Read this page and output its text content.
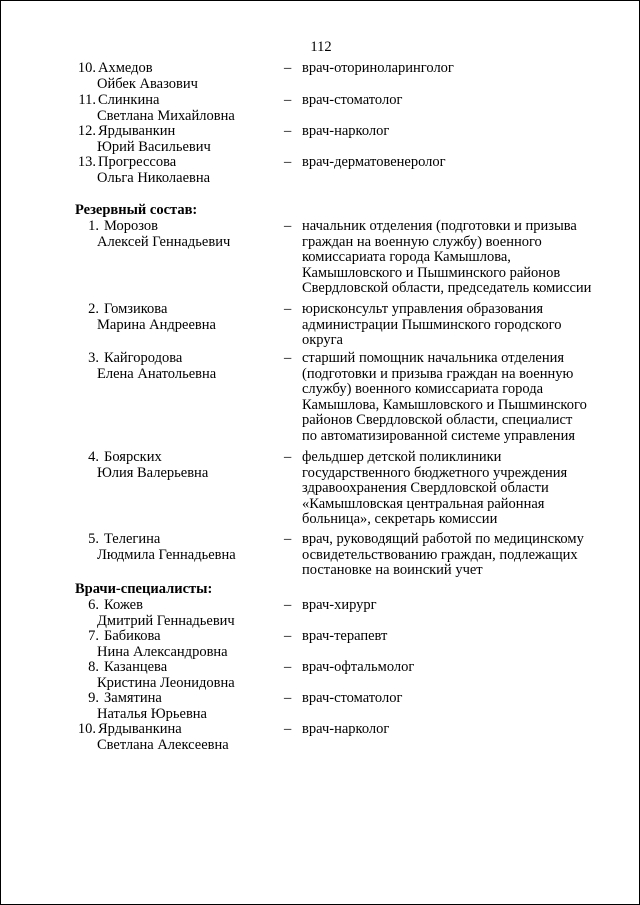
112
10. Ахмедов
Ойбек Авазович
– врач-оториноларинголог
11. Слинкина
Светлана Михайловна
– врач-стоматолог
12. Ярдыванкин
Юрий Васильевич
– врач-нарколог
13. Прогрессова
Ольга Николаевна
– врач-дерматовенеролог
Резервный состав:
1. Морозов
Алексей Геннадьевич
– начальник отделения (подготовки и призыва
граждан на военную службу) военного
комиссариата города Камышлова,
Камышловского и Пышминского районов
Свердловской области, председатель комиссии
2. Гомзикова
Марина Андреевна
– юрисконсульт управления образования
администрации Пышминского городского
округа
3. Кайгородова
Елена Анатольевна
– старший помощник начальника отделения
(подготовки и призыва граждан на военную
службу) военного комиссариата города
Камышлова, Камышловского и Пышминского
районов Свердловской области, специалист
по автоматизированной системе управления
4. Боярских
Юлия Валерьевна
– фельдшер детской поликлиники
государственного бюджетного учреждения
здравоохранения Свердловской области
«Камышловская центральная районная
больница», секретарь комиссии
5. Телегина
Людмила Геннадьевна
– врач, руководящий работой по медицинскому
освидетельствованию граждан, подлежащих
постановке на воинский учет
Врачи-специалисты:
6. Кожев
Дмитрий Геннадьевич
– врач-хирург
7. Бабикова
Нина Александровна
– врач-терапевт
8. Казанцева
Кристина Леонидовна
– врач-офтальмолог
9. Замятина
Наталья Юрьевна
– врач-стоматолог
10. Ярдыванкина
Светлана Алексеевна
– врач-нарколог
